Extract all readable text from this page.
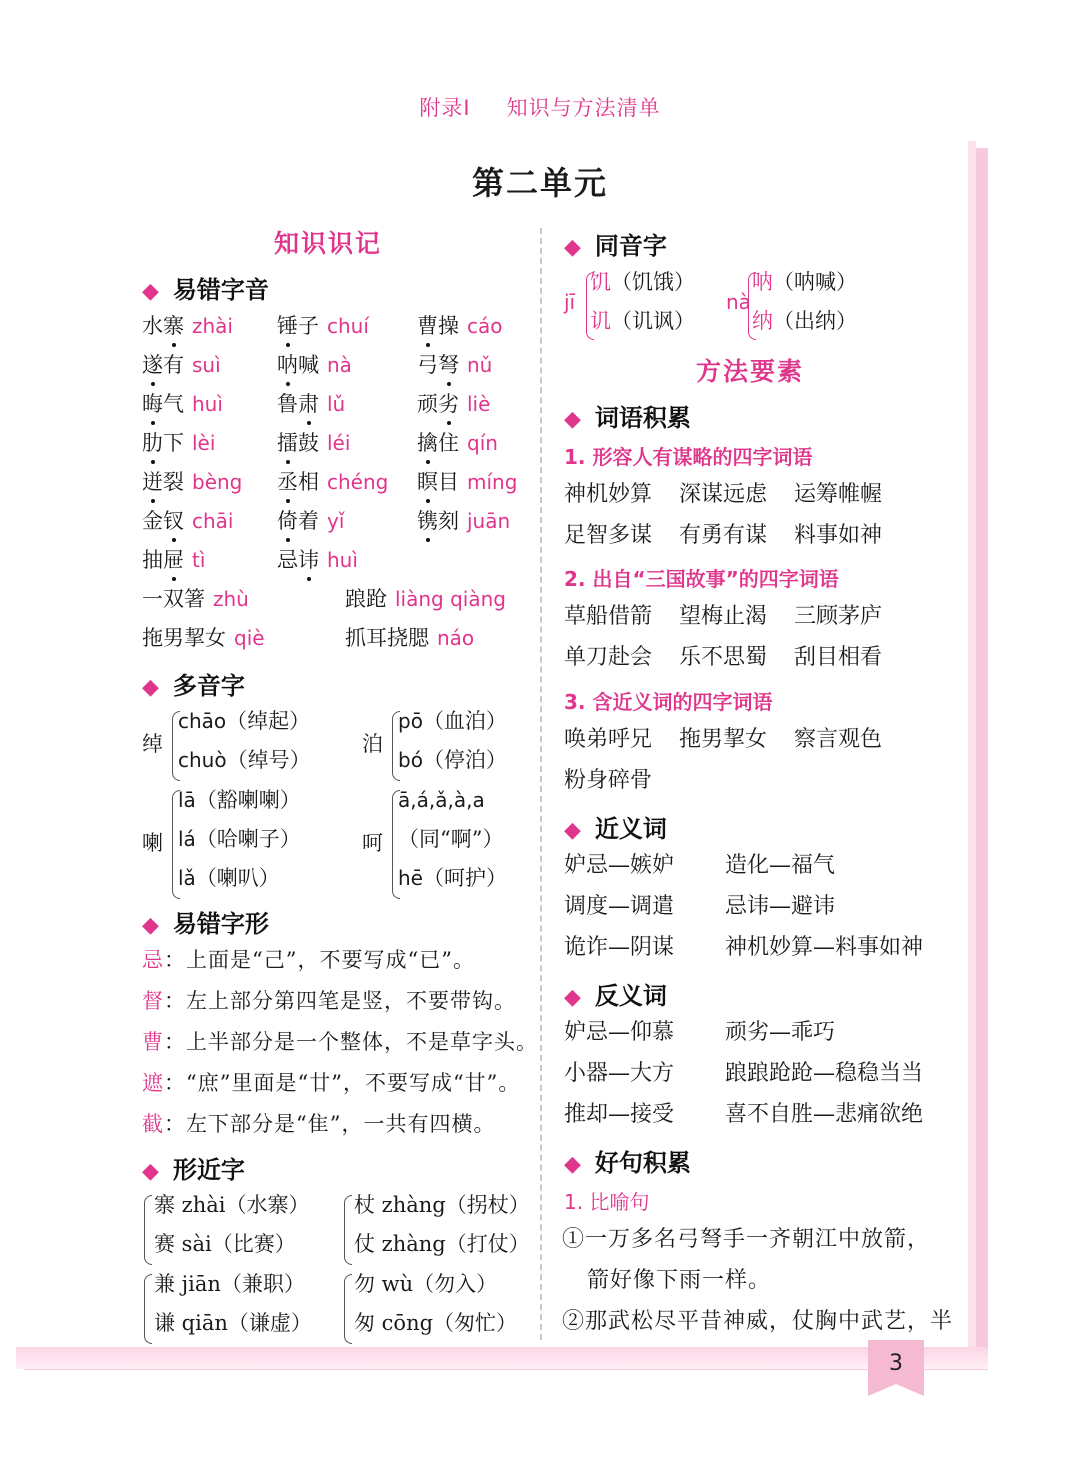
附录Ⅰ 知识与方法清单
第二单元
知识识记
◆ 易错字音
水寨 zhài 锤子 chuí 曹操 cáo
遂有 suì	呐喊 nà	弓弩 nǔ
晦气 huì	鲁肃 lǔ	顽劣 liè
肋下 lèi	擂鼓 léi	擒住 qín
迸裂 bèng 丞相 chéng 瞑目 míng
金钗 chāi 倚着 yǐ	镌刻 juān
抽屉 tì	忌讳 huì
一双箸 zhù	踉跄 liàng qiàng
拖男挈女 qiè	抓耳挠腮 náo
◆ 多音字
绰
chāo（绰起）
chuò（绰号）
泊
pō（血泊）
bó（停泊）
喇
lā（豁喇喇）
lá（哈喇子）
lǎ（喇叭）
呵
ā,á,ǎ,à,a
（同“啊”）
hē（呵护）
◆ 易错字形
忌：上面是“己”，不要写成“已”。
督：左上部分第四笔是竖，不要带钩。
曹：上半部分是一个整体，不是草字头。
遮：“庶”里面是“廿”，不要写成“甘”。
截：左下部分是“隹”，一共有四横。
◆ 形近字
寨 zhài（水寨）
赛 sài（比赛）
杖 zhàng（拐杖）
仗 zhàng（打仗）
兼 jiān（兼职）
谦 qiān（谦虚）
勿 wù（勿入）
匆 cōng（匆忙）
◆ 同音字
jī
饥（饥饿）
讥（讥讽）
nà
呐（呐喊）
纳（出纳）
方法要素
◆ 词语积累
1. 形容人有谋略的四字词语
神机妙算 深谋远虑 运筹帷幄
足智多谋 有勇有谋 料事如神
2. 出自“三国故事”的四字词语
草船借箭 望梅止渴 三顾茅庐
单刀赴会 乐不思蜀 刮目相看
3. 含近义词的四字词语
唤弟呼兄 拖男挈女 察言观色
粉身碎骨
◆ 近义词
妒忌—嫉妒 造化—福气
调度—调遣 忌讳—避讳
诡诈—阴谋 神机妙算—料事如神
◆ 反义词
妒忌—仰慕 顽劣—乖巧
小器—大方 踉踉跄跄—稳稳当当
推却—接受 喜不自胜—悲痛欲绝
◆ 好句积累
1. 比喻句
①一万多名弓弩手一齐朝江中放箭，
箭好像下雨一样。
②那武松尽平昔神威，仗胸中武艺，半
3
